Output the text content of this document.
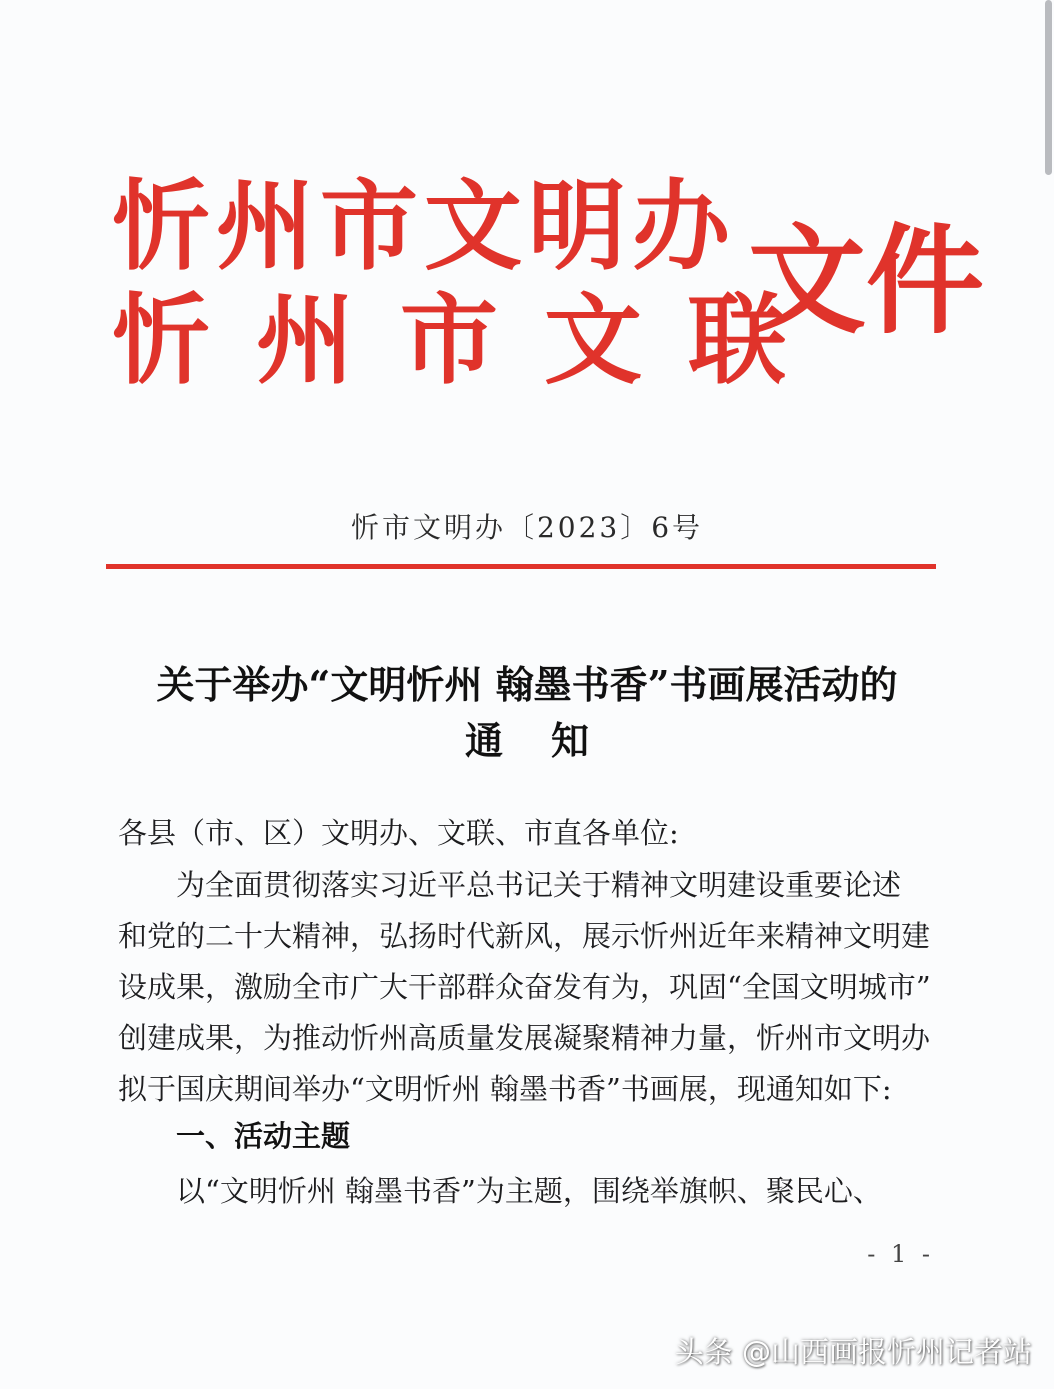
忻州市文明办
忻州市文联
文件
忻市文明办〔2023〕6号
关于举办“文明忻州 翰墨书香”书画展活动的
通知
各县（市、区）文明办、文联、市直各单位:
为全面贯彻落实习近平总书记关于精神文明建设重要论述
和党的二十大精神，弘扬时代新风，展示忻州近年来精神文明建
设成果，激励全市广大干部群众奋发有为，巩固“全国文明城市”
创建成果，为推动忻州高质量发展凝聚精神力量，忻州市文明办
拟于国庆期间举办“文明忻州 翰墨书香”书画展，现通知如下:
一、活动主题
以“文明忻州 翰墨书香”为主题，围绕举旗帜、聚民心、
- 1 -
头条 @山西画报忻州记者站
